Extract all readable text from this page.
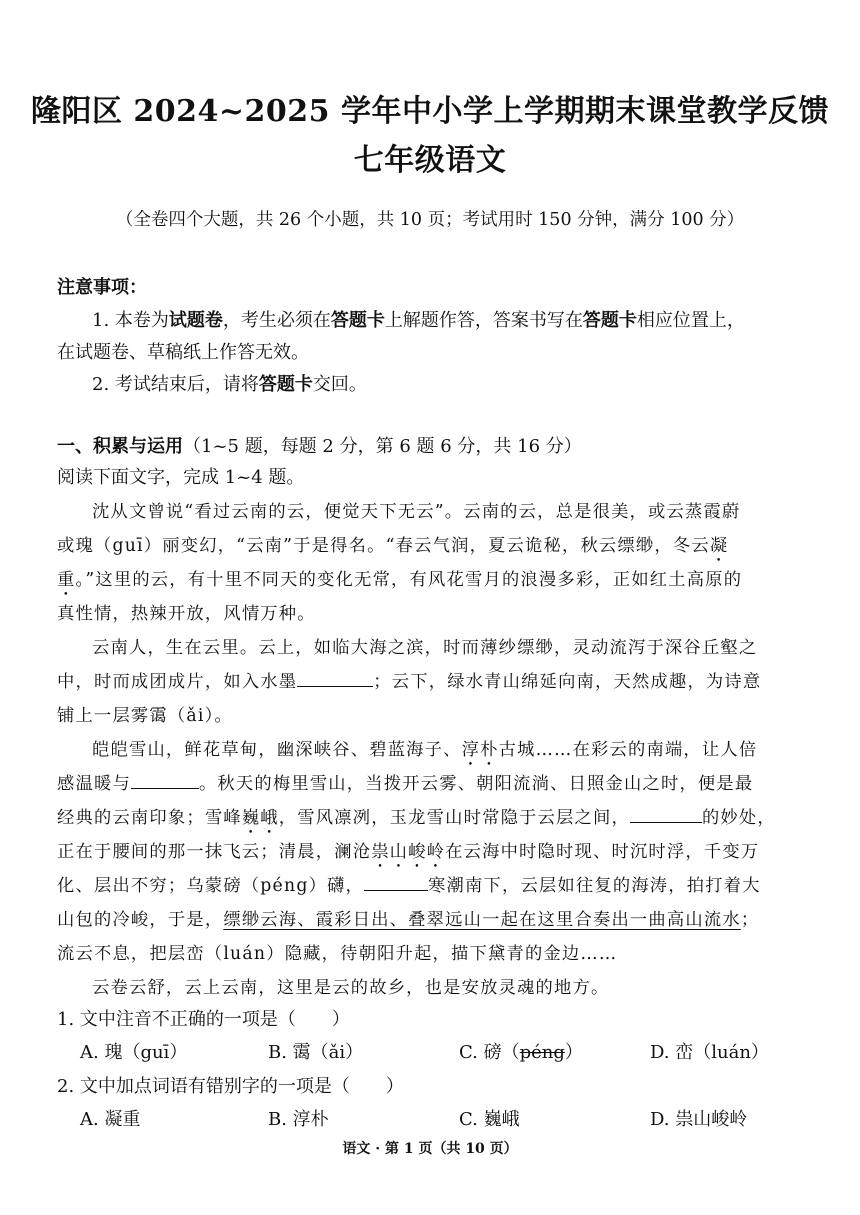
隆阳区 2024~2025 学年中小学上学期期末课堂教学反馈
七年级语文
（全卷四个大题，共 26 个小题，共 10 页；考试用时 150 分钟，满分 100 分）
注意事项：
1. 本卷为试题卷，考生必须在答题卡上解题作答，答案书写在答题卡相应位置上，
在试题卷、草稿纸上作答无效。
2. 考试结束后，请将答题卡交回。
一、积累与运用（1~5 题，每题 2 分，第 6 题 6 分，共 16 分）
阅读下面文字，完成 1~4 题。
沈从文曾说“看过云南的云，便觉天下无云”。云南的云，总是很美，或云蒸霞蔚
或瑰（guī）丽变幻，“云南”于是得名。“春云气润，夏云诡秘，秋云缥缈，冬云凝
重。”这里的云，有十里不同天的变化无常，有风花雪月的浪漫多彩，正如红土高原的
真性情，热辣开放，风情万种。
云南人，生在云里。云上，如临大海之滨，时而薄纱缥缈，灵动流泻于深谷丘壑之
中，时而成团成片，如入水墨	；云下，绿水青山绵延向南，天然成趣，为诗意
铺上一层雾霭（ǎi）。
皑皑雪山，鲜花草甸，幽深峡谷、碧蓝海子、淳朴古城……在彩云的南端，让人倍
感温暖与	。秋天的梅里雪山，当拨开云雾、朝阳流淌、日照金山之时，便是最
经典的云南印象；雪峰巍峨，雪风凛冽，玉龙雪山时常隐于云层之间，	的妙处，
正在于腰间的那一抹飞云；清晨，澜沧祟山峻岭在云海中时隐时现、时沉时浮，千变万
化、层出不穷；乌蒙磅（péng）礴，	寒潮南下，云层如往复的海涛，拍打着大
山包的冷峻，于是，缥缈云海、霞彩日出、叠翠远山一起在这里合奏出一曲高山流水；
流云不息，把层峦（luán）隐藏，待朝阳升起，描下黛青的金边……
云卷云舒，云上云南，这里是云的故乡，也是安放灵魂的地方。
1. 文中注音不正确的一项是（　　）
A. 瑰（guī）	B. 霭（ǎi）	C. 磅（péng）	D. 峦（luán）
2. 文中加点词语有错别字的一项是（　　）
A. 凝重	B. 淳朴	C. 巍峨	D. 祟山峻岭
语文 · 第 1 页（共 10 页）
